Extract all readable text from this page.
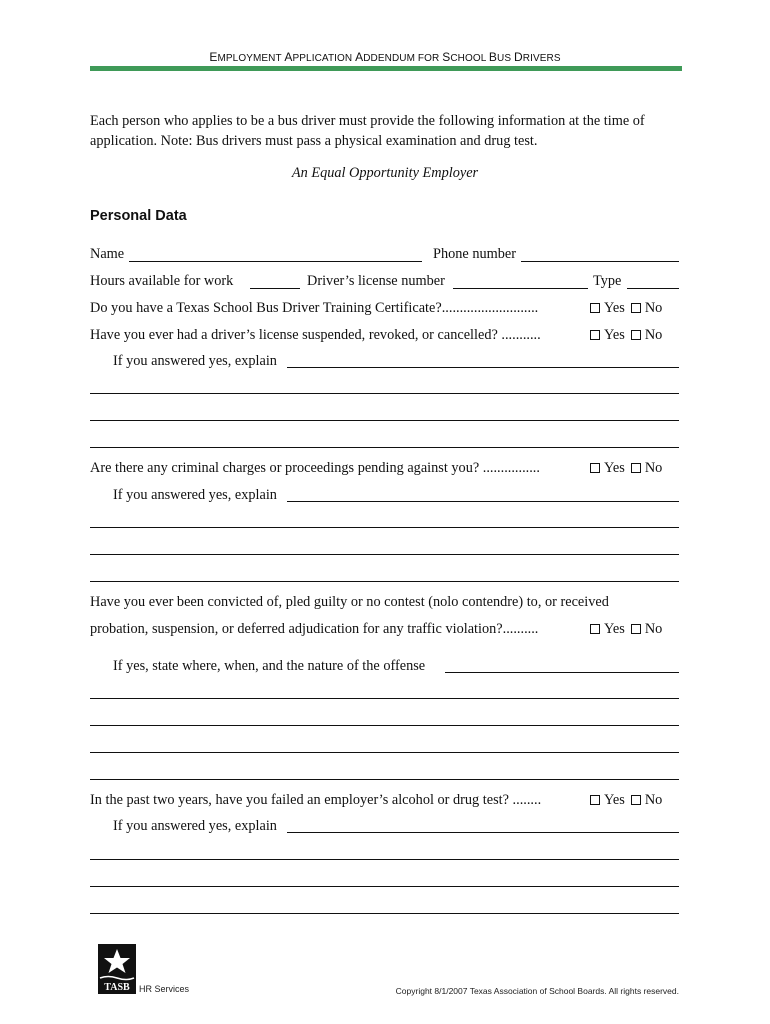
EMPLOYMENT APPLICATION ADDENDUM FOR SCHOOL BUS DRIVERS
Each person who applies to be a bus driver must provide the following information at the time of application. Note: Bus drivers must pass a physical examination and drug test.
An Equal Opportunity Employer
Personal Data
Name	Phone number
Hours available for work	Driver’s license number	Type
Do you have a Texas School Bus Driver Training Certificate?...........................	Yes No
Have you ever had a driver’s license suspended, revoked, or cancelled? ...........	Yes No
If you answered yes, explain
Are there any criminal charges or proceedings pending against you? ................	Yes No
If you answered yes, explain
Have you ever been convicted of, pled guilty or no contest (nolo contendre) to, or received
probation, suspension, or deferred adjudication for any traffic violation?..........	Yes No
If yes, state where, when, and the nature of the offense
In the past two years, have you failed an employer’s alcohol or drug test? ........	Yes No
If you answered yes, explain
TASB HR Services	Copyright 8/1/2007 Texas Association of School Boards. All rights reserved.
